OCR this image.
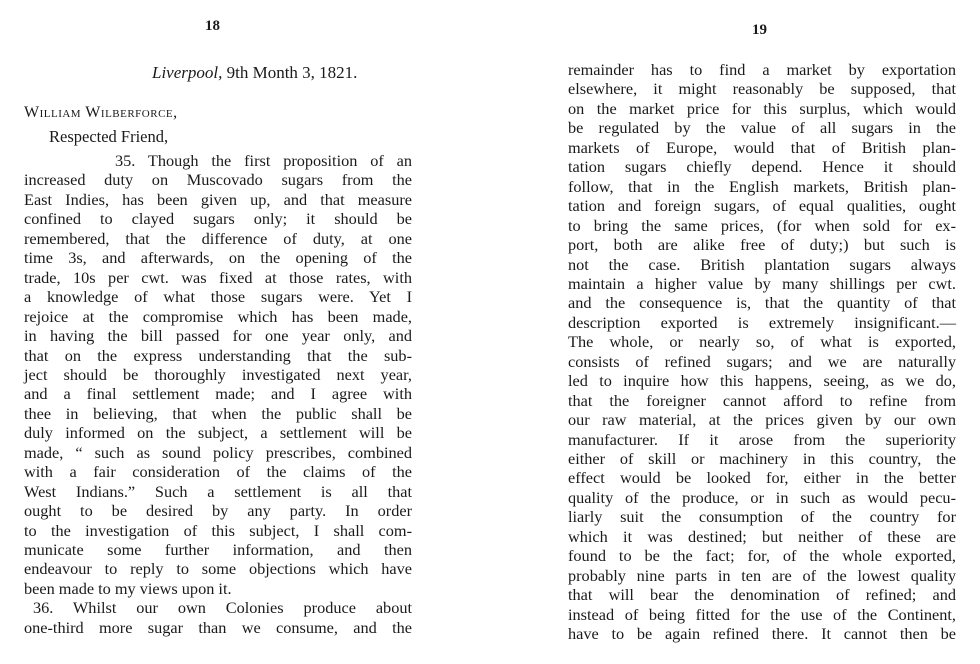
18
Liverpool, 9th Month 3, 1821.
William Wilberforce,
Respected Friend,
35. Though the first proposition of an
increased duty on Muscovado sugars from the
East Indies, has been given up, and that measure
confined to clayed sugars only; it should be
remembered, that the difference of duty, at one
time 3s, and afterwards, on the opening of the
trade, 10s per cwt. was fixed at those rates, with
a knowledge of what those sugars were. Yet I
rejoice at the compromise which has been made,
in having the bill passed for one year only, and
that on the express understanding that the sub-
ject should be thoroughly investigated next year,
and a final settlement made; and I agree with
thee in believing, that when the public shall be
duly informed on the subject, a settlement will be
made, “ such as sound policy prescribes, combined
with a fair consideration of the claims of the
West Indians.” Such a settlement is all that
ought to be desired by any party. In order
to the investigation of this subject, I shall com-
municate some further information, and then
endeavour to reply to some objections which have
been made to my views upon it.
36. Whilst our own Colonies produce about
one-third more sugar than we consume, and the
19
remainder has to find a market by exportation
elsewhere, it might reasonably be supposed, that
on the market price for this surplus, which would
be regulated by the value of all sugars in the
markets of Europe, would that of British plan-
tation sugars chiefly depend. Hence it should
follow, that in the English markets, British plan-
tation and foreign sugars, of equal qualities, ought
to bring the same prices, (for when sold for ex-
port, both are alike free of duty;) but such is
not the case. British plantation sugars always
maintain a higher value by many shillings per cwt.
and the consequence is, that the quantity of that
description exported is extremely insignificant.—
The whole, or nearly so, of what is exported,
consists of refined sugars; and we are naturally
led to inquire how this happens, seeing, as we do,
that the foreigner cannot afford to refine from
our raw material, at the prices given by our own
manufacturer. If it arose from the superiority
either of skill or machinery in this country, the
effect would be looked for, either in the better
quality of the produce, or in such as would pecu-
liarly suit the consumption of the country for
which it was destined; but neither of these are
found to be the fact; for, of the whole exported,
probably nine parts in ten are of the lowest quality
that will bear the denomination of refined; and
instead of being fitted for the use of the Continent,
have to be again refined there. It cannot then be
